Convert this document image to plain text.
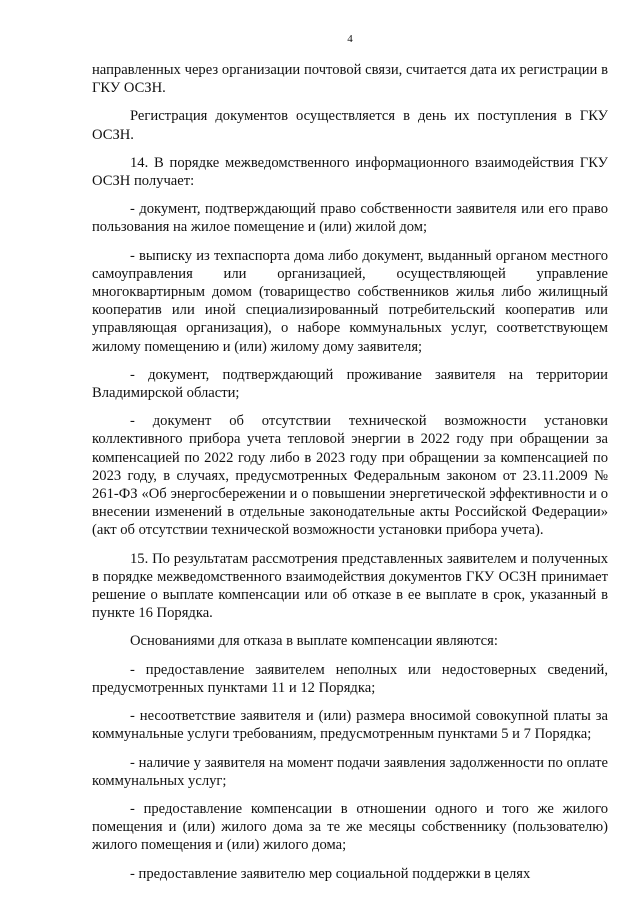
4

направленных через организации почтовой связи, считается дата их регистрации в ГКУ ОСЗН.

Регистрация документов осуществляется в день их поступления в ГКУ ОСЗН.

14. В порядке межведомственного информационного взаимодействия ГКУ ОСЗН получает:

- документ, подтверждающий право собственности заявителя или его право пользования на жилое помещение и (или) жилой дом;

- выписку из техпаспорта дома либо документ, выданный органом местного самоуправления или организацией, осуществляющей управление многоквартирным домом (товарищество собственников жилья либо жилищный кооператив или иной специализированный потребительский кооператив или управляющая организация), о наборе коммунальных услуг, соответствующем жилому помещению и (или) жилому дому заявителя;

- документ, подтверждающий проживание заявителя на территории Владимирской области;

- документ об отсутствии технической возможности установки коллективного прибора учета тепловой энергии в 2022 году при обращении за компенсацией по 2022 году либо в 2023 году при обращении за компенсацией по 2023 году, в случаях, предусмотренных Федеральным законом от 23.11.2009 № 261-ФЗ «Об энергосбережении и о повышении энергетической эффективности и о внесении изменений в отдельные законодательные акты Российской Федерации» (акт об отсутствии технической возможности установки прибора учета).

15. По результатам рассмотрения представленных заявителем и полученных в порядке межведомственного взаимодействия документов ГКУ ОСЗН принимает решение о выплате компенсации или об отказе в ее выплате в срок, указанный в пункте 16 Порядка.

Основаниями для отказа в выплате компенсации являются:

- предоставление заявителем неполных или недостоверных сведений, предусмотренных пунктами 11 и 12 Порядка;

- несоответствие заявителя и (или) размера вносимой совокупной платы за коммунальные услуги требованиям, предусмотренным пунктами 5 и 7 Порядка;

- наличие у заявителя на момент подачи заявления задолженности по оплате коммунальных услуг;

- предоставление компенсации в отношении одного и того же жилого помещения и (или) жилого дома за те же месяцы собственнику (пользователю) жилого помещения и (или) жилого дома;

- предоставление заявителю мер социальной поддержки в целях
